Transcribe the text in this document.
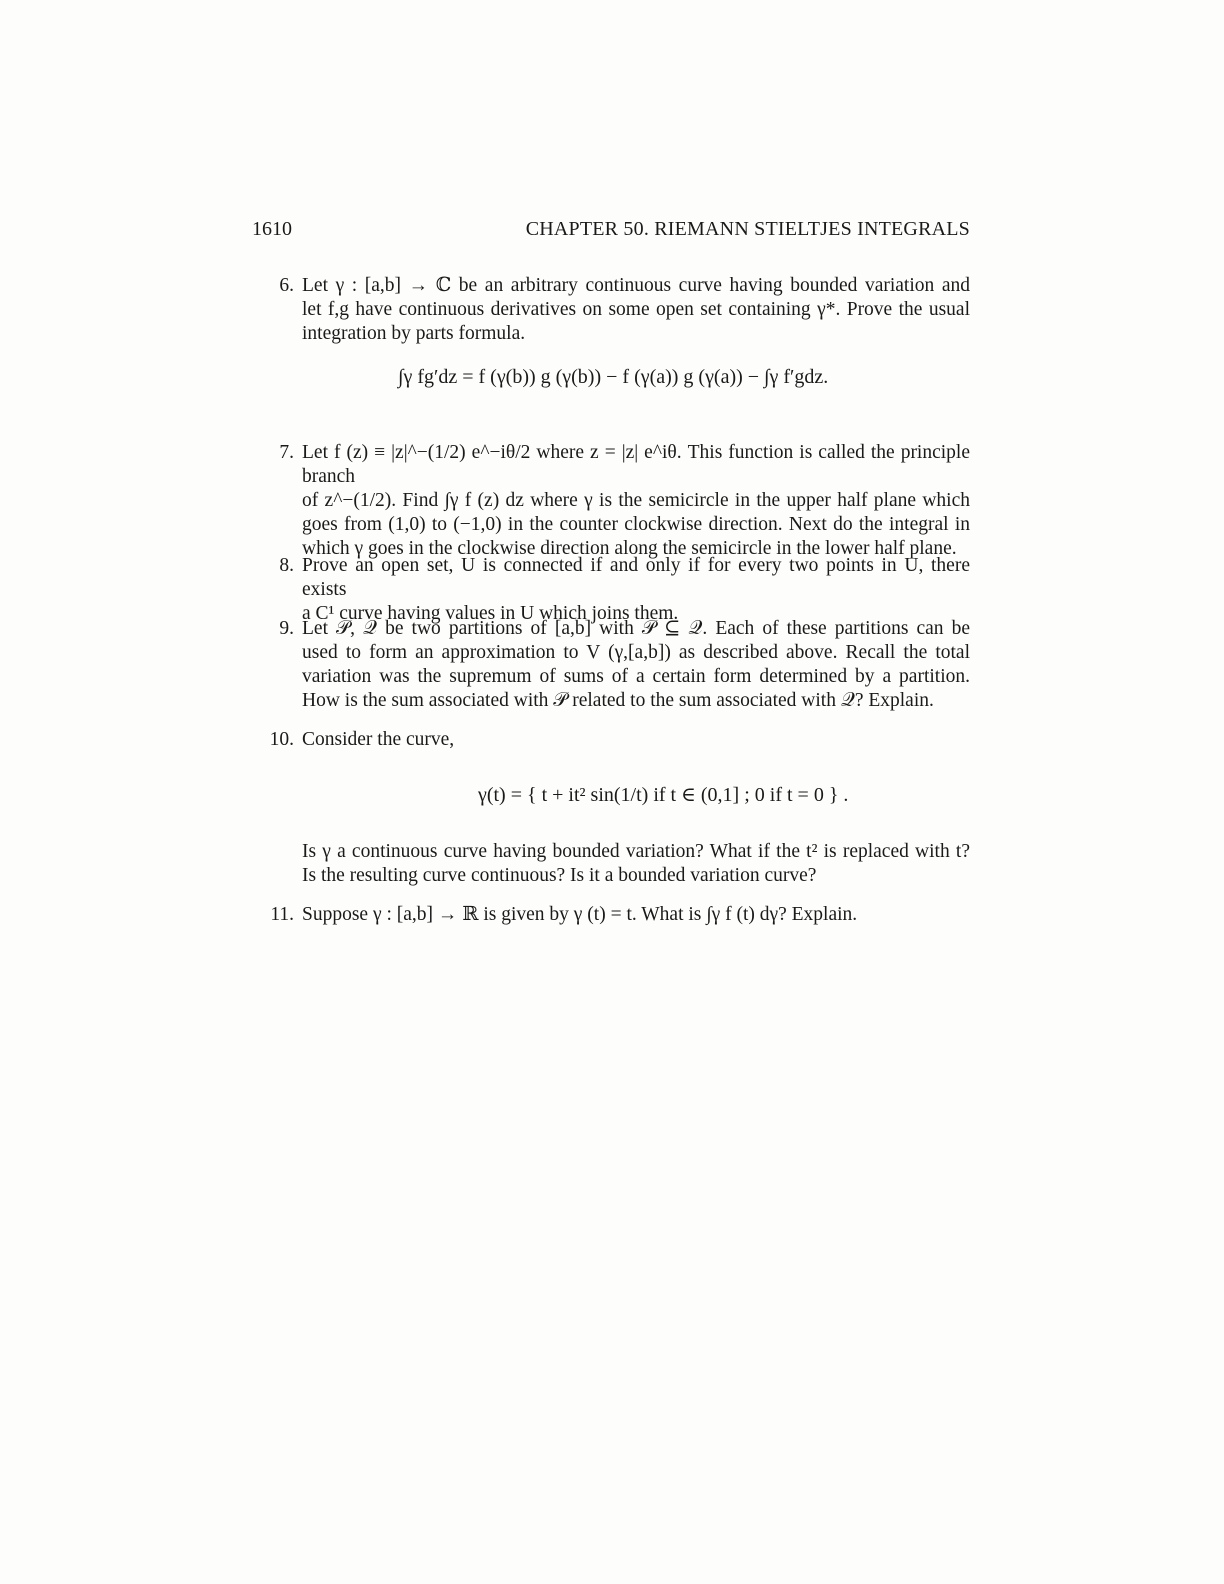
1610	CHAPTER 50. RIEMANN STIELTJES INTEGRALS
6. Let γ : [a,b] → ℂ be an arbitrary continuous curve having bounded variation and
let f,g have continuous derivatives on some open set containing γ*. Prove the usual
integration by parts formula.
∫γ fg′dz = f (γ(b)) g (γ(b)) − f (γ(a)) g (γ(a)) − ∫γ f′gdz.
7. Let f (z) ≡ |z|^−(1/2) e^−iθ/2 where z = |z| e^iθ. This function is called the principle branch
of z^−(1/2). Find ∫γ f (z) dz where γ is the semicircle in the upper half plane which
goes from (1,0) to (−1,0) in the counter clockwise direction. Next do the integral in
which γ goes in the clockwise direction along the semicircle in the lower half plane.
8. Prove an open set, U is connected if and only if for every two points in U, there exists
a C¹ curve having values in U which joins them.
9. Let 𝒫, 𝒬 be two partitions of [a,b] with 𝒫 ⊆ 𝒬. Each of these partitions can be
used to form an approximation to V (γ,[a,b]) as described above. Recall the total
variation was the supremum of sums of a certain form determined by a partition.
How is the sum associated with 𝒫 related to the sum associated with 𝒬? Explain.
10. Consider the curve,
γ(t) = { t + it² sin(1/t) if t ∈ (0,1] ; 0 if t = 0 } .
Is γ a continuous curve having bounded variation? What if the t² is replaced with t?
Is the resulting curve continuous? Is it a bounded variation curve?
11. Suppose γ : [a,b] → ℝ is given by γ (t) = t. What is ∫γ f (t) dγ? Explain.
